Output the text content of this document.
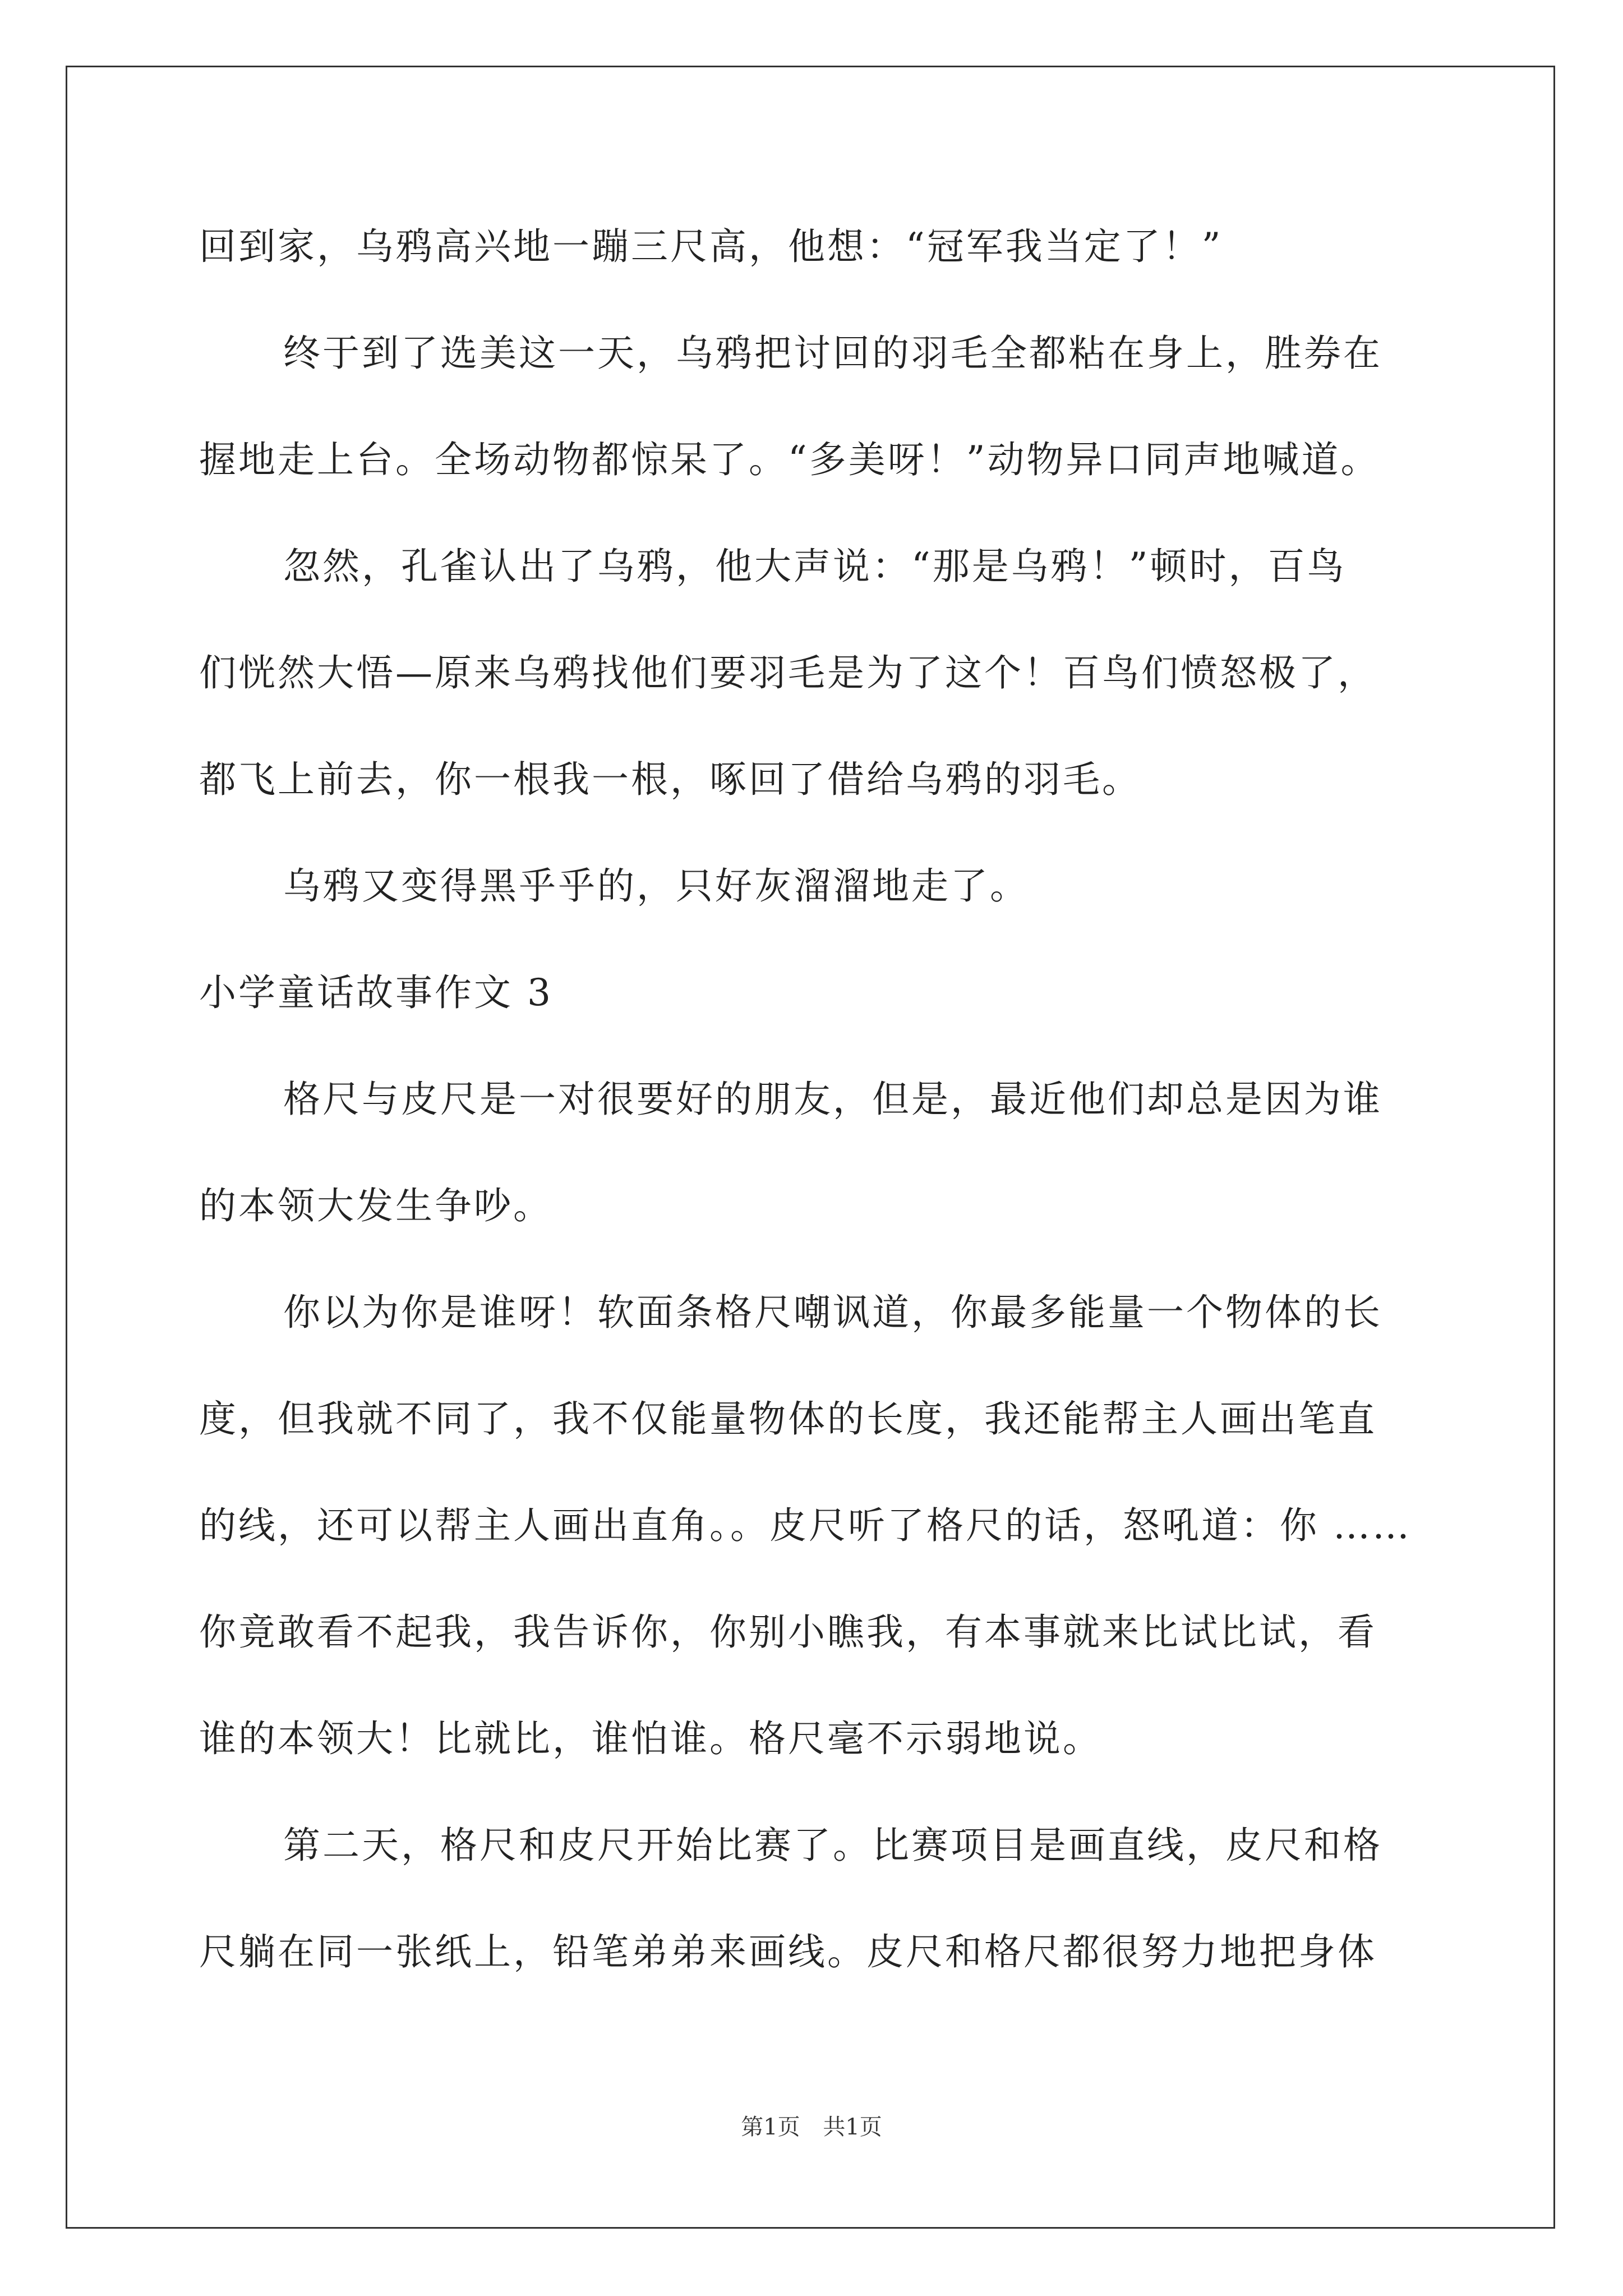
回到家，乌鸦高兴地一蹦三尺高，他想：“冠军我当定了！”
终于到了选美这一天，乌鸦把讨回的羽毛全都粘在身上，胜券在
握地走上台。全场动物都惊呆了。“多美呀！”动物异口同声地喊道。
忽然，孔雀认出了乌鸦，他大声说：“那是乌鸦！”顿时，百鸟
们恍然大悟—原来乌鸦找他们要羽毛是为了这个！百鸟们愤怒极了，
都飞上前去，你一根我一根，啄回了借给乌鸦的羽毛。
乌鸦又变得黑乎乎的，只好灰溜溜地走了。
小学童话故事作文 3
格尺与皮尺是一对很要好的朋友，但是，最近他们却总是因为谁
的本领大发生争吵。
你以为你是谁呀！软面条格尺嘲讽道，你最多能量一个物体的长
度，但我就不同了，我不仅能量物体的长度，我还能帮主人画出笔直
的线，还可以帮主人画出直角。。皮尺听了格尺的话，怒吼道：你 ……
你竟敢看不起我，我告诉你，你别小瞧我，有本事就来比试比试，看
谁的本领大！比就比，谁怕谁。格尺毫不示弱地说。
第二天，格尺和皮尺开始比赛了。比赛项目是画直线，皮尺和格
尺躺在同一张纸上，铅笔弟弟来画线。皮尺和格尺都很努力地把身体
第1页 共1页
